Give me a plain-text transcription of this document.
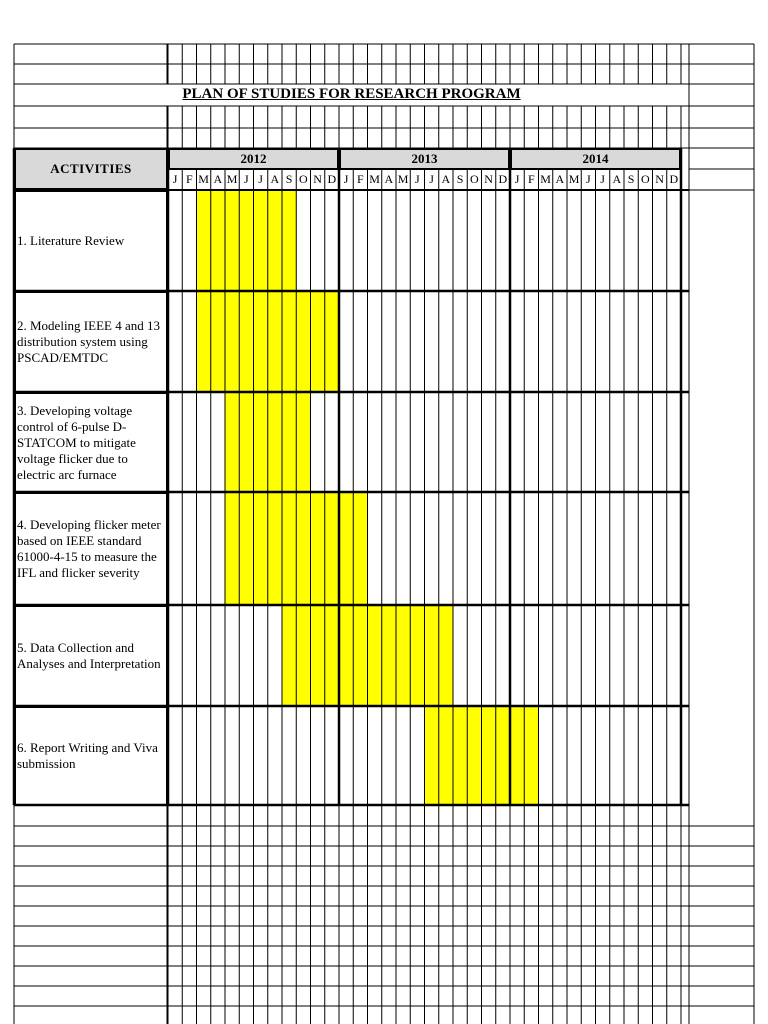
PLAN OF STUDIES FOR RESEARCH PROGRAM
ACTIVITIES
2012
J F M A M J J A S O N D
2013
J F M A M J J A S O N D
2014
J F M A M J J A S O N D
1. Literature Review
2. Modeling IEEE 4 and 13 distribution system using PSCAD/EMTDC
3. Developing voltage control of 6-pulse D-STATCOM to mitigate voltage flicker due to electric arc furnace
4. Developing flicker meter based on IEEE standard 61000-4-15 to measure the IFL and flicker severity
5. Data Collection and Analyses and Interpretation
6. Report Writing and Viva submission
